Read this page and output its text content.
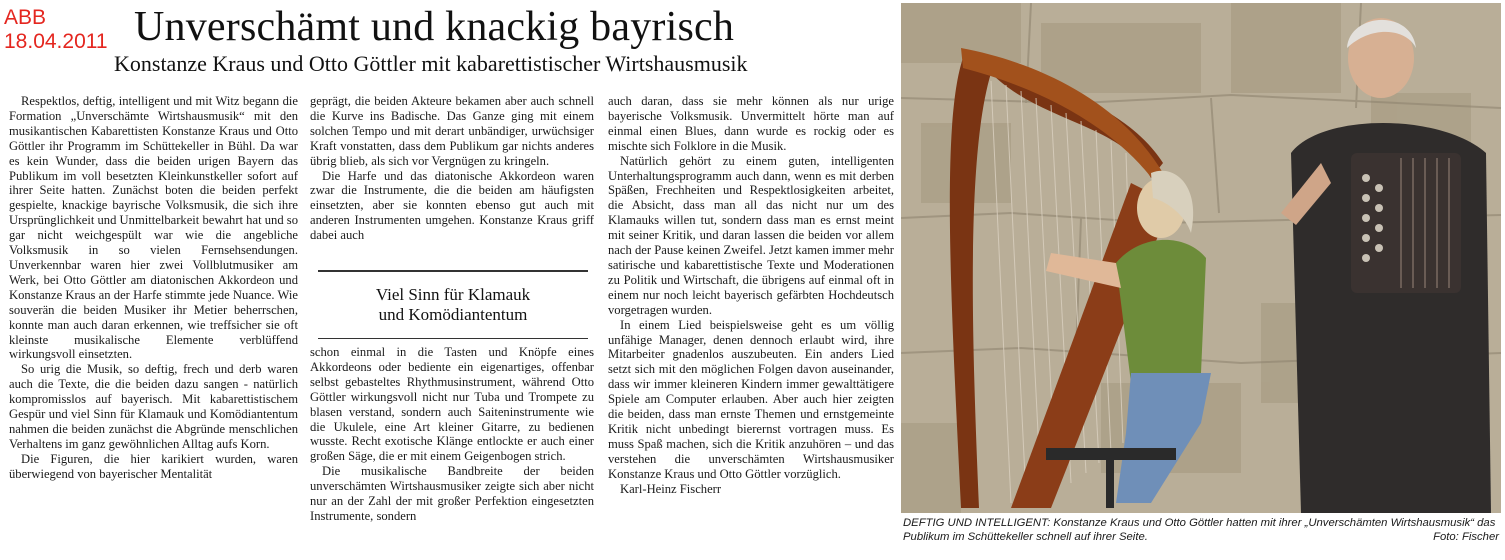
ABB
18.04.2011 Unverschämt und knackig bayrisch
Konstanze Kraus und Otto Göttler mit kabarettistischer Wirtshausmusik

Respektlos, deftig, intelligent und mit Witz begann die Formation „Unverschämte Wirtshausmusik“ mit den musikantischen Kabarettisten Konstanze Kraus und Otto Göttler ihr Programm im Schüttekeller in Bühl. Da war es kein Wunder, dass die beiden urigen Bayern das Publikum im voll besetzten Kleinkunstkeller sofort auf ihrer Seite hatten. Zunächst boten die beiden perfekt gespielte, knackige bayrische Volksmusik, die sich ihre Ursprünglichkeit und Unmittelbarkeit bewahrt hat und so gar nicht weichgespült war wie die angebliche Volksmusik in so vielen Fernsehsendungen. Unverkennbar waren hier zwei Vollblutmusiker am Werk, bei Otto Göttler am diatonischen Akkordeon und Konstanze Kraus an der Harfe stimmte jede Nuance. Wie souverän die beiden Musiker ihr Metier beherrschen, konnte man auch daran erkennen, wie treffsicher sie oft kleinste musikalische Elemente verblüffend wirkungsvoll einsetzten.

So urig die Musik, so deftig, frech und derb waren auch die Texte, die die beiden dazu sangen - natürlich kompromisslos auf bayerisch. Mit kabarettistischem Gespür und viel Sinn für Klamauk und Komödiantentum nahmen die beiden zunächst die Abgründe menschlichen Verhaltens im ganz gewöhnlichen Alltag aufs Korn.

Die Figuren, die hier karikiert wurden, waren überwiegend von bayerischer Mentalität

geprägt, die beiden Akteure bekamen aber auch schnell die Kurve ins Badische. Das Ganze ging mit einem solchen Tempo und mit derart unbändiger, urwüchsiger Kraft vonstatten, dass dem Publikum gar nichts anderes übrig blieb, als sich vor Vergnügen zu kringeln.

Die Harfe und das diatonische Akkordeon waren zwar die Instrumente, die die beiden am häufigsten einsetzten, aber sie konnten ebenso gut auch mit anderen Instrumenten umgehen. Konstanze Kraus griff dabei auch

Viel Sinn für Klamauk
und Komödiantentum

schon einmal in die Tasten und Knöpfe eines Akkordeons oder bediente ein eigenartiges, offenbar selbst gebasteltes Rhythmusinstrument, während Otto Göttler wirkungsvoll nicht nur Tuba und Trompete zu blasen verstand, sondern auch Saiteninstrumente wie die Ukulele, eine Art kleiner Gitarre, zu bedienen wusste. Recht exotische Klänge entlockte er auch einer großen Säge, die er mit einem Geigenbogen strich.

Die musikalische Bandbreite der beiden unverschämten Wirtshausmusiker zeigte sich aber nicht nur an der Zahl der mit großer Perfektion eingesetzten Instrumente, sondern

auch daran, dass sie mehr können als nur urige bayerische Volksmusik. Unvermittelt hörte man auf einmal einen Blues, dann wurde es rockig oder es mischte sich Folklore in die Musik.

Natürlich gehört zu einem guten, intelligenten Unterhaltungsprogramm auch dann, wenn es mit derben Späßen, Frechheiten und Respektlosigkeiten arbeitet, die Absicht, dass man all das nicht nur um des Klamauks willen tut, sondern dass man es ernst meint mit seiner Kritik, und daran lassen die beiden vor allem nach der Pause keinen Zweifel. Jetzt kamen immer mehr satirische und kabarettistische Texte und Moderationen zu Politik und Wirtschaft, die übrigens auf einmal oft in einem nur noch leicht bayerisch gefärbten Hochdeutsch vorgetragen wurden.

In einem Lied beispielsweise geht es um völlig unfähige Manager, denen dennoch erlaubt wird, ihre Mitarbeiter gnadenlos auszubeuten. Ein anders Lied setzt sich mit den möglichen Folgen davon auseinander, dass wir immer kleineren Kindern immer gewalttätigere Spiele am Computer erlauben. Aber auch hier zeigten die beiden, dass man ernste Themen und ernstgemeinte Kritik nicht unbedingt bierernst vortragen muss. Es muss Spaß machen, sich die Kritik anzuhören – und das verstehen die unverschämten Wirtshausmusiker Konstanze Kraus und Otto Göttler vorzüglich.

Karl-Heinz Fischerr

DEFTIG UND INTELLIGENT: Konstanze Kraus und Otto Göttler hatten mit ihrer „Unverschämten Wirtshausmusik“ das Publikum im Schüttekeller schnell auf ihrer Seite.	Foto: Fischer
